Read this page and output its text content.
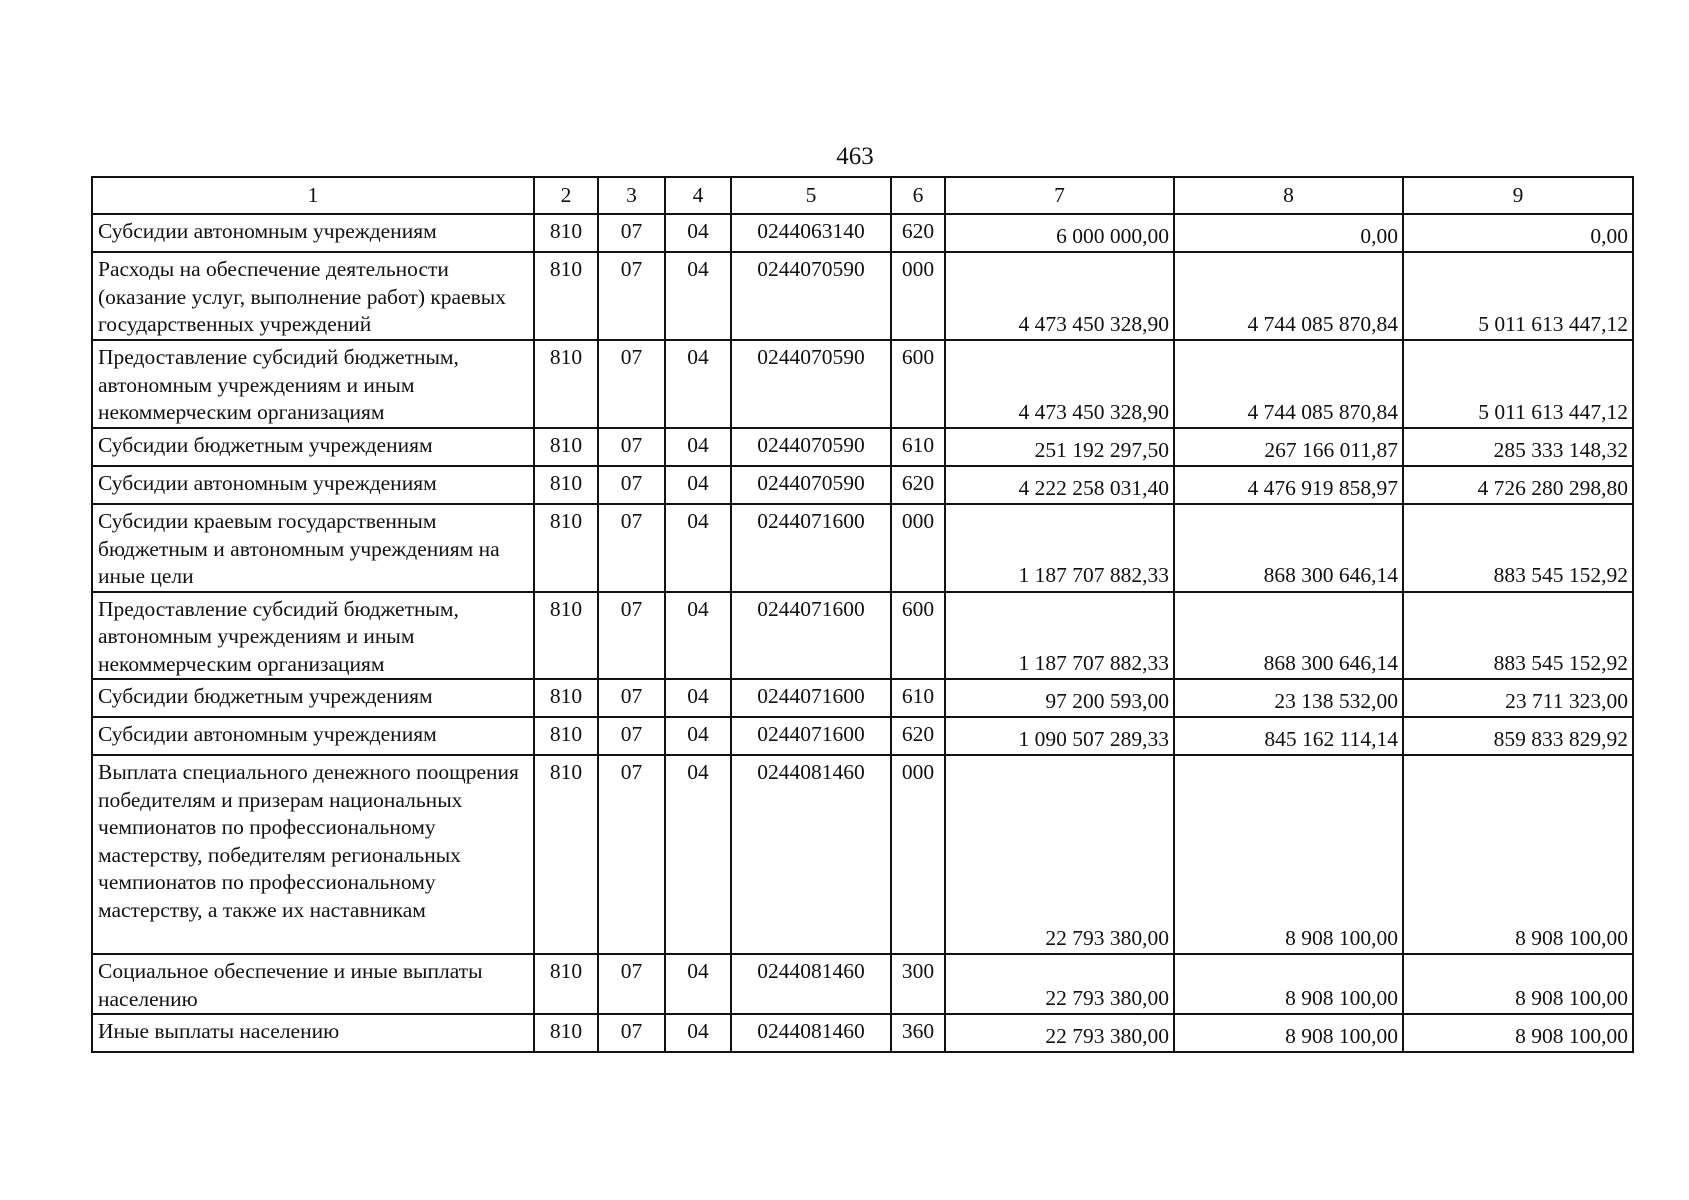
463
1	2	3	4	5	6	7	8	9
Субсидии автономным учреждениям	810	07	04	0244063140	620	6 000 000,00	0,00	0,00
Расходы на обеспечение деятельности (оказание услуг, выполнение работ) краевых государственных учреждений	810	07	04	0244070590	000	4 473 450 328,90	4 744 085 870,84	5 011 613 447,12
Предоставление субсидий бюджетным, автономным учреждениям и иным некоммерческим организациям	810	07	04	0244070590	600	4 473 450 328,90	4 744 085 870,84	5 011 613 447,12
Субсидии бюджетным учреждениям	810	07	04	0244070590	610	251 192 297,50	267 166 011,87	285 333 148,32
Субсидии автономным учреждениям	810	07	04	0244070590	620	4 222 258 031,40	4 476 919 858,97	4 726 280 298,80
Субсидии краевым государственным бюджетным и автономным учреждениям на иные цели	810	07	04	0244071600	000	1 187 707 882,33	868 300 646,14	883 545 152,92
Предоставление субсидий бюджетным, автономным учреждениям и иным некоммерческим организациям	810	07	04	0244071600	600	1 187 707 882,33	868 300 646,14	883 545 152,92
Субсидии бюджетным учреждениям	810	07	04	0244071600	610	97 200 593,00	23 138 532,00	23 711 323,00
Субсидии автономным учреждениям	810	07	04	0244071600	620	1 090 507 289,33	845 162 114,14	859 833 829,92
Выплата специального денежного поощрения победителям и призерам национальных чемпионатов по профессиональному мастерству, победителям региональных чемпионатов по профессиональному мастерству, а также их наставникам	810	07	04	0244081460	000	22 793 380,00	8 908 100,00	8 908 100,00
Социальное обеспечение и иные выплаты населению	810	07	04	0244081460	300	22 793 380,00	8 908 100,00	8 908 100,00
Иные выплаты населению	810	07	04	0244081460	360	22 793 380,00	8 908 100,00	8 908 100,00
